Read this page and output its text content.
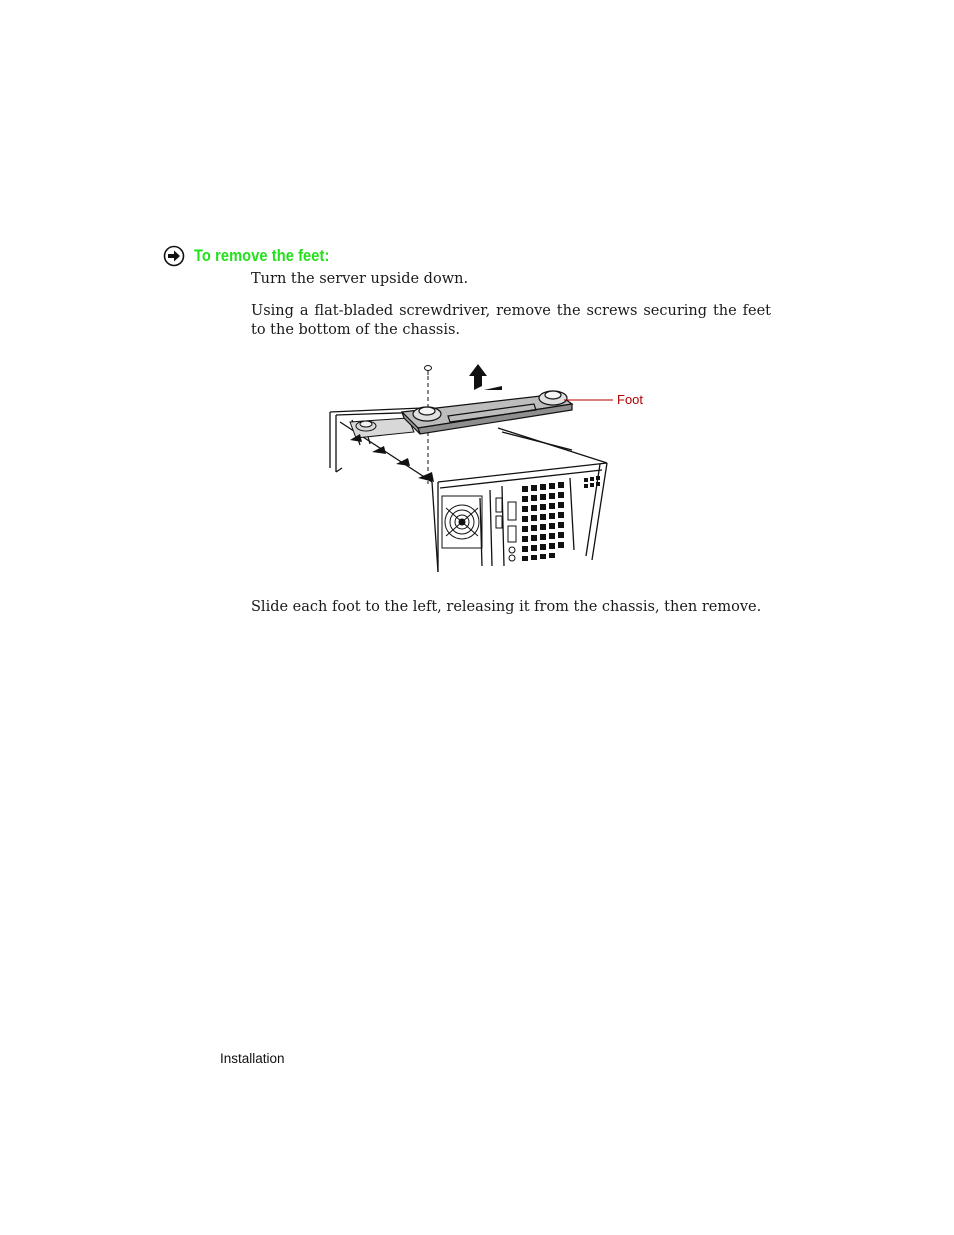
To remove the feet:

Turn the server upside down.

Using a flat-bladed screwdriver, remove the screws securing the feet to the bottom of the chassis.

Foot

Slide each foot to the left, releasing it from the chassis, then remove.

Installation
